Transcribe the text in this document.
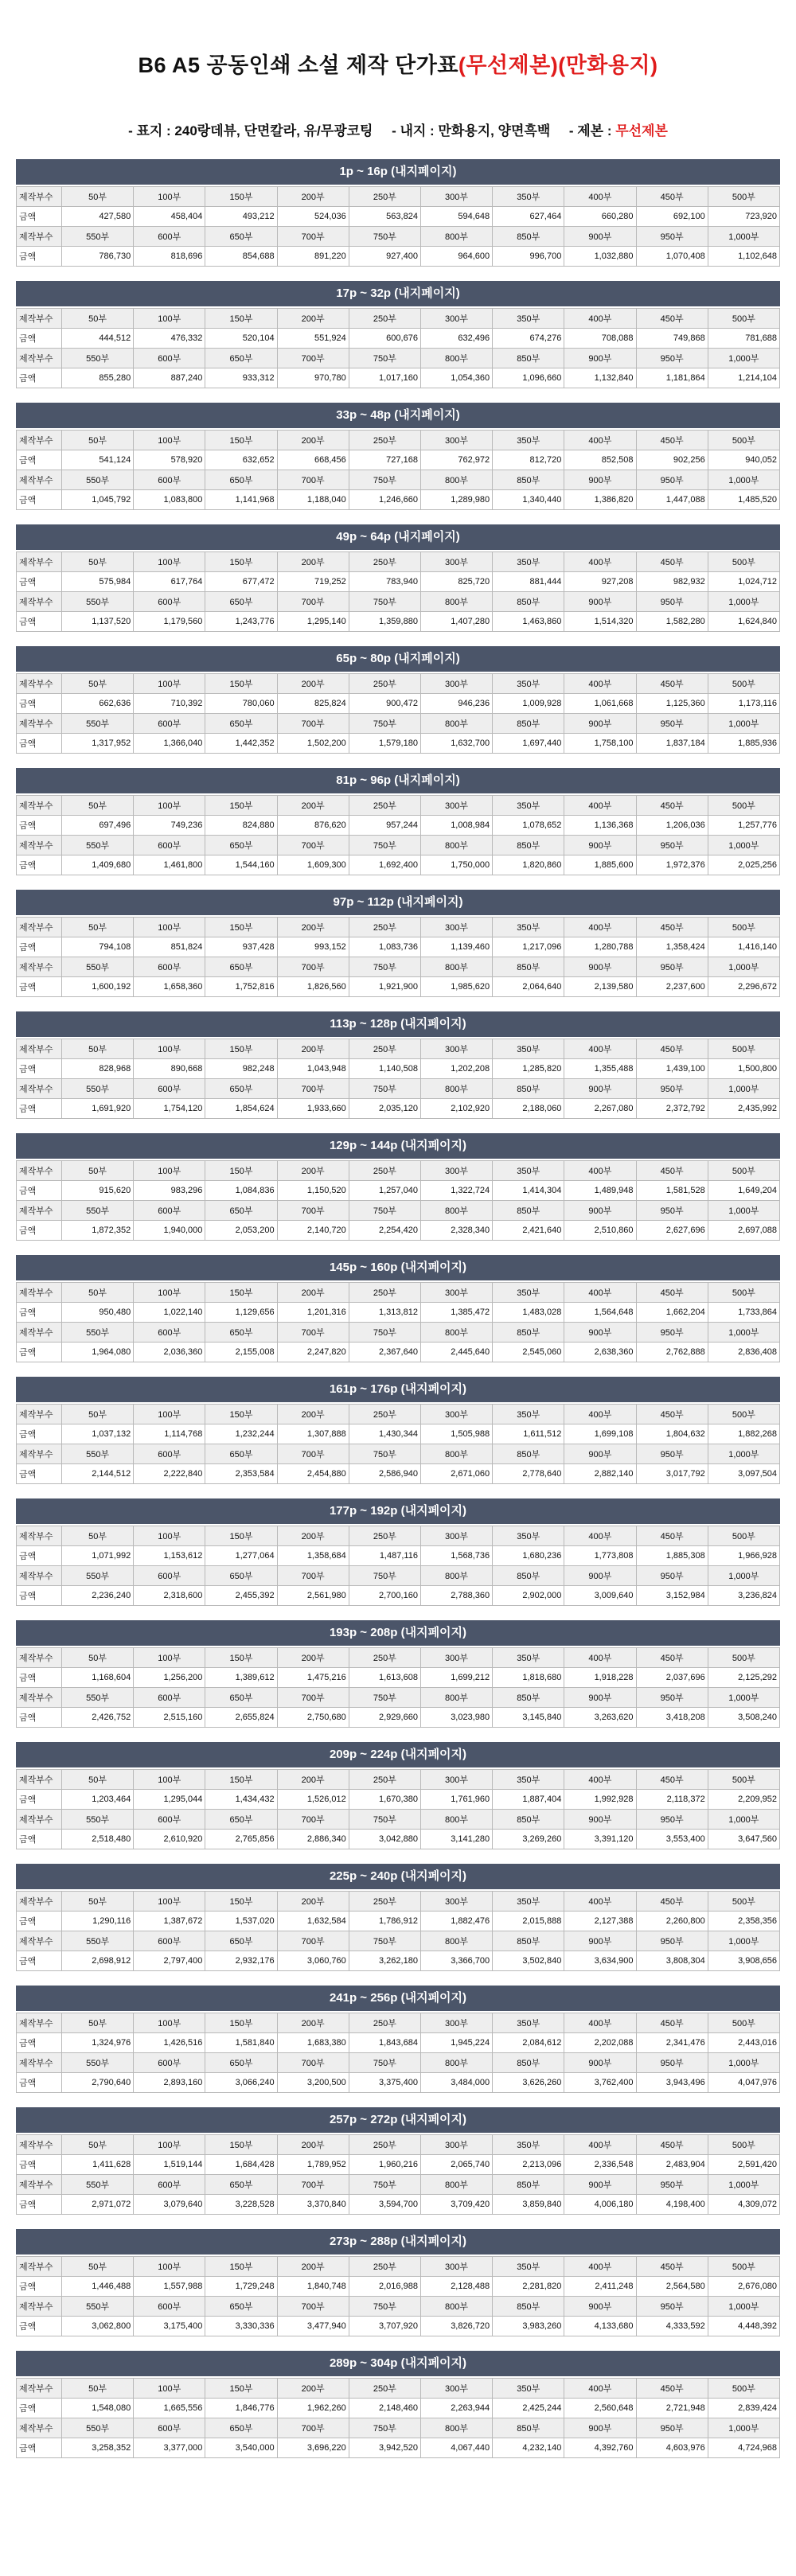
B6 A5 공동인쇄 소설 제작 단가표(무선제본)(만화용지)
- 표지 : 240랑데뷰, 단면칼라, 유/무광코팅     - 내지 : 만화용지, 양면흑백     - 제본 : 무선제본
1p ~ 16p (내지페이지)
제작부수	50부	100부	150부	200부	250부	300부	350부	400부	450부	500부
금액	427,580	458,404	493,212	524,036	563,824	594,648	627,464	660,280	692,100	723,920
제작부수	550부	600부	650부	700부	750부	800부	850부	900부	950부	1,000부
금액	786,730	818,696	854,688	891,220	927,400	964,600	996,700	1,032,880	1,070,408	1,102,648
17p ~ 32p (내지페이지)
제작부수	50부	100부	150부	200부	250부	300부	350부	400부	450부	500부
금액	444,512	476,332	520,104	551,924	600,676	632,496	674,276	708,088	749,868	781,688
제작부수	550부	600부	650부	700부	750부	800부	850부	900부	950부	1,000부
금액	855,280	887,240	933,312	970,780	1,017,160	1,054,360	1,096,660	1,132,840	1,181,864	1,214,104
33p ~ 48p (내지페이지)
제작부수	50부	100부	150부	200부	250부	300부	350부	400부	450부	500부
금액	541,124	578,920	632,652	668,456	727,168	762,972	812,720	852,508	902,256	940,052
제작부수	550부	600부	650부	700부	750부	800부	850부	900부	950부	1,000부
금액	1,045,792	1,083,800	1,141,968	1,188,040	1,246,660	1,289,980	1,340,440	1,386,820	1,447,088	1,485,520
49p ~ 64p (내지페이지)
제작부수	50부	100부	150부	200부	250부	300부	350부	400부	450부	500부
금액	575,984	617,764	677,472	719,252	783,940	825,720	881,444	927,208	982,932	1,024,712
제작부수	550부	600부	650부	700부	750부	800부	850부	900부	950부	1,000부
금액	1,137,520	1,179,560	1,243,776	1,295,140	1,359,880	1,407,280	1,463,860	1,514,320	1,582,280	1,624,840
65p ~ 80p (내지페이지)
제작부수	50부	100부	150부	200부	250부	300부	350부	400부	450부	500부
금액	662,636	710,392	780,060	825,824	900,472	946,236	1,009,928	1,061,668	1,125,360	1,173,116
제작부수	550부	600부	650부	700부	750부	800부	850부	900부	950부	1,000부
금액	1,317,952	1,366,040	1,442,352	1,502,200	1,579,180	1,632,700	1,697,440	1,758,100	1,837,184	1,885,936
81p ~ 96p (내지페이지)
제작부수	50부	100부	150부	200부	250부	300부	350부	400부	450부	500부
금액	697,496	749,236	824,880	876,620	957,244	1,008,984	1,078,652	1,136,368	1,206,036	1,257,776
제작부수	550부	600부	650부	700부	750부	800부	850부	900부	950부	1,000부
금액	1,409,680	1,461,800	1,544,160	1,609,300	1,692,400	1,750,000	1,820,860	1,885,600	1,972,376	2,025,256
97p ~ 112p (내지페이지)
제작부수	50부	100부	150부	200부	250부	300부	350부	400부	450부	500부
금액	794,108	851,824	937,428	993,152	1,083,736	1,139,460	1,217,096	1,280,788	1,358,424	1,416,140
제작부수	550부	600부	650부	700부	750부	800부	850부	900부	950부	1,000부
금액	1,600,192	1,658,360	1,752,816	1,826,560	1,921,900	1,985,620	2,064,640	2,139,580	2,237,600	2,296,672
113p ~ 128p (내지페이지)
제작부수	50부	100부	150부	200부	250부	300부	350부	400부	450부	500부
금액	828,968	890,668	982,248	1,043,948	1,140,508	1,202,208	1,285,820	1,355,488	1,439,100	1,500,800
제작부수	550부	600부	650부	700부	750부	800부	850부	900부	950부	1,000부
금액	1,691,920	1,754,120	1,854,624	1,933,660	2,035,120	2,102,920	2,188,060	2,267,080	2,372,792	2,435,992
129p ~ 144p (내지페이지)
제작부수	50부	100부	150부	200부	250부	300부	350부	400부	450부	500부
금액	915,620	983,296	1,084,836	1,150,520	1,257,040	1,322,724	1,414,304	1,489,948	1,581,528	1,649,204
제작부수	550부	600부	650부	700부	750부	800부	850부	900부	950부	1,000부
금액	1,872,352	1,940,000	2,053,200	2,140,720	2,254,420	2,328,340	2,421,640	2,510,860	2,627,696	2,697,088
145p ~ 160p (내지페이지)
제작부수	50부	100부	150부	200부	250부	300부	350부	400부	450부	500부
금액	950,480	1,022,140	1,129,656	1,201,316	1,313,812	1,385,472	1,483,028	1,564,648	1,662,204	1,733,864
제작부수	550부	600부	650부	700부	750부	800부	850부	900부	950부	1,000부
금액	1,964,080	2,036,360	2,155,008	2,247,820	2,367,640	2,445,640	2,545,060	2,638,360	2,762,888	2,836,408
161p ~ 176p (내지페이지)
제작부수	50부	100부	150부	200부	250부	300부	350부	400부	450부	500부
금액	1,037,132	1,114,768	1,232,244	1,307,888	1,430,344	1,505,988	1,611,512	1,699,108	1,804,632	1,882,268
제작부수	550부	600부	650부	700부	750부	800부	850부	900부	950부	1,000부
금액	2,144,512	2,222,840	2,353,584	2,454,880	2,586,940	2,671,060	2,778,640	2,882,140	3,017,792	3,097,504
177p ~ 192p (내지페이지)
제작부수	50부	100부	150부	200부	250부	300부	350부	400부	450부	500부
금액	1,071,992	1,153,612	1,277,064	1,358,684	1,487,116	1,568,736	1,680,236	1,773,808	1,885,308	1,966,928
제작부수	550부	600부	650부	700부	750부	800부	850부	900부	950부	1,000부
금액	2,236,240	2,318,600	2,455,392	2,561,980	2,700,160	2,788,360	2,902,000	3,009,640	3,152,984	3,236,824
193p ~ 208p (내지페이지)
제작부수	50부	100부	150부	200부	250부	300부	350부	400부	450부	500부
금액	1,168,604	1,256,200	1,389,612	1,475,216	1,613,608	1,699,212	1,818,680	1,918,228	2,037,696	2,125,292
제작부수	550부	600부	650부	700부	750부	800부	850부	900부	950부	1,000부
금액	2,426,752	2,515,160	2,655,824	2,750,680	2,929,660	3,023,980	3,145,840	3,263,620	3,418,208	3,508,240
209p ~ 224p (내지페이지)
제작부수	50부	100부	150부	200부	250부	300부	350부	400부	450부	500부
금액	1,203,464	1,295,044	1,434,432	1,526,012	1,670,380	1,761,960	1,887,404	1,992,928	2,118,372	2,209,952
제작부수	550부	600부	650부	700부	750부	800부	850부	900부	950부	1,000부
금액	2,518,480	2,610,920	2,765,856	2,886,340	3,042,880	3,141,280	3,269,260	3,391,120	3,553,400	3,647,560
225p ~ 240p (내지페이지)
제작부수	50부	100부	150부	200부	250부	300부	350부	400부	450부	500부
금액	1,290,116	1,387,672	1,537,020	1,632,584	1,786,912	1,882,476	2,015,888	2,127,388	2,260,800	2,358,356
제작부수	550부	600부	650부	700부	750부	800부	850부	900부	950부	1,000부
금액	2,698,912	2,797,400	2,932,176	3,060,760	3,262,180	3,366,700	3,502,840	3,634,900	3,808,304	3,908,656
241p ~ 256p (내지페이지)
제작부수	50부	100부	150부	200부	250부	300부	350부	400부	450부	500부
금액	1,324,976	1,426,516	1,581,840	1,683,380	1,843,684	1,945,224	2,084,612	2,202,088	2,341,476	2,443,016
제작부수	550부	600부	650부	700부	750부	800부	850부	900부	950부	1,000부
금액	2,790,640	2,893,160	3,066,240	3,200,500	3,375,400	3,484,000	3,626,260	3,762,400	3,943,496	4,047,976
257p ~ 272p (내지페이지)
제작부수	50부	100부	150부	200부	250부	300부	350부	400부	450부	500부
금액	1,411,628	1,519,144	1,684,428	1,789,952	1,960,216	2,065,740	2,213,096	2,336,548	2,483,904	2,591,420
제작부수	550부	600부	650부	700부	750부	800부	850부	900부	950부	1,000부
금액	2,971,072	3,079,640	3,228,528	3,370,840	3,594,700	3,709,420	3,859,840	4,006,180	4,198,400	4,309,072
273p ~ 288p (내지페이지)
제작부수	50부	100부	150부	200부	250부	300부	350부	400부	450부	500부
금액	1,446,488	1,557,988	1,729,248	1,840,748	2,016,988	2,128,488	2,281,820	2,411,248	2,564,580	2,676,080
제작부수	550부	600부	650부	700부	750부	800부	850부	900부	950부	1,000부
금액	3,062,800	3,175,400	3,330,336	3,477,940	3,707,920	3,826,720	3,983,260	4,133,680	4,333,592	4,448,392
289p ~ 304p (내지페이지)
제작부수	50부	100부	150부	200부	250부	300부	350부	400부	450부	500부
금액	1,548,080	1,665,556	1,846,776	1,962,260	2,148,460	2,263,944	2,425,244	2,560,648	2,721,948	2,839,424
제작부수	550부	600부	650부	700부	750부	800부	850부	900부	950부	1,000부
금액	3,258,352	3,377,000	3,540,000	3,696,220	3,942,520	4,067,440	4,232,140	4,392,760	4,603,976	4,724,968
